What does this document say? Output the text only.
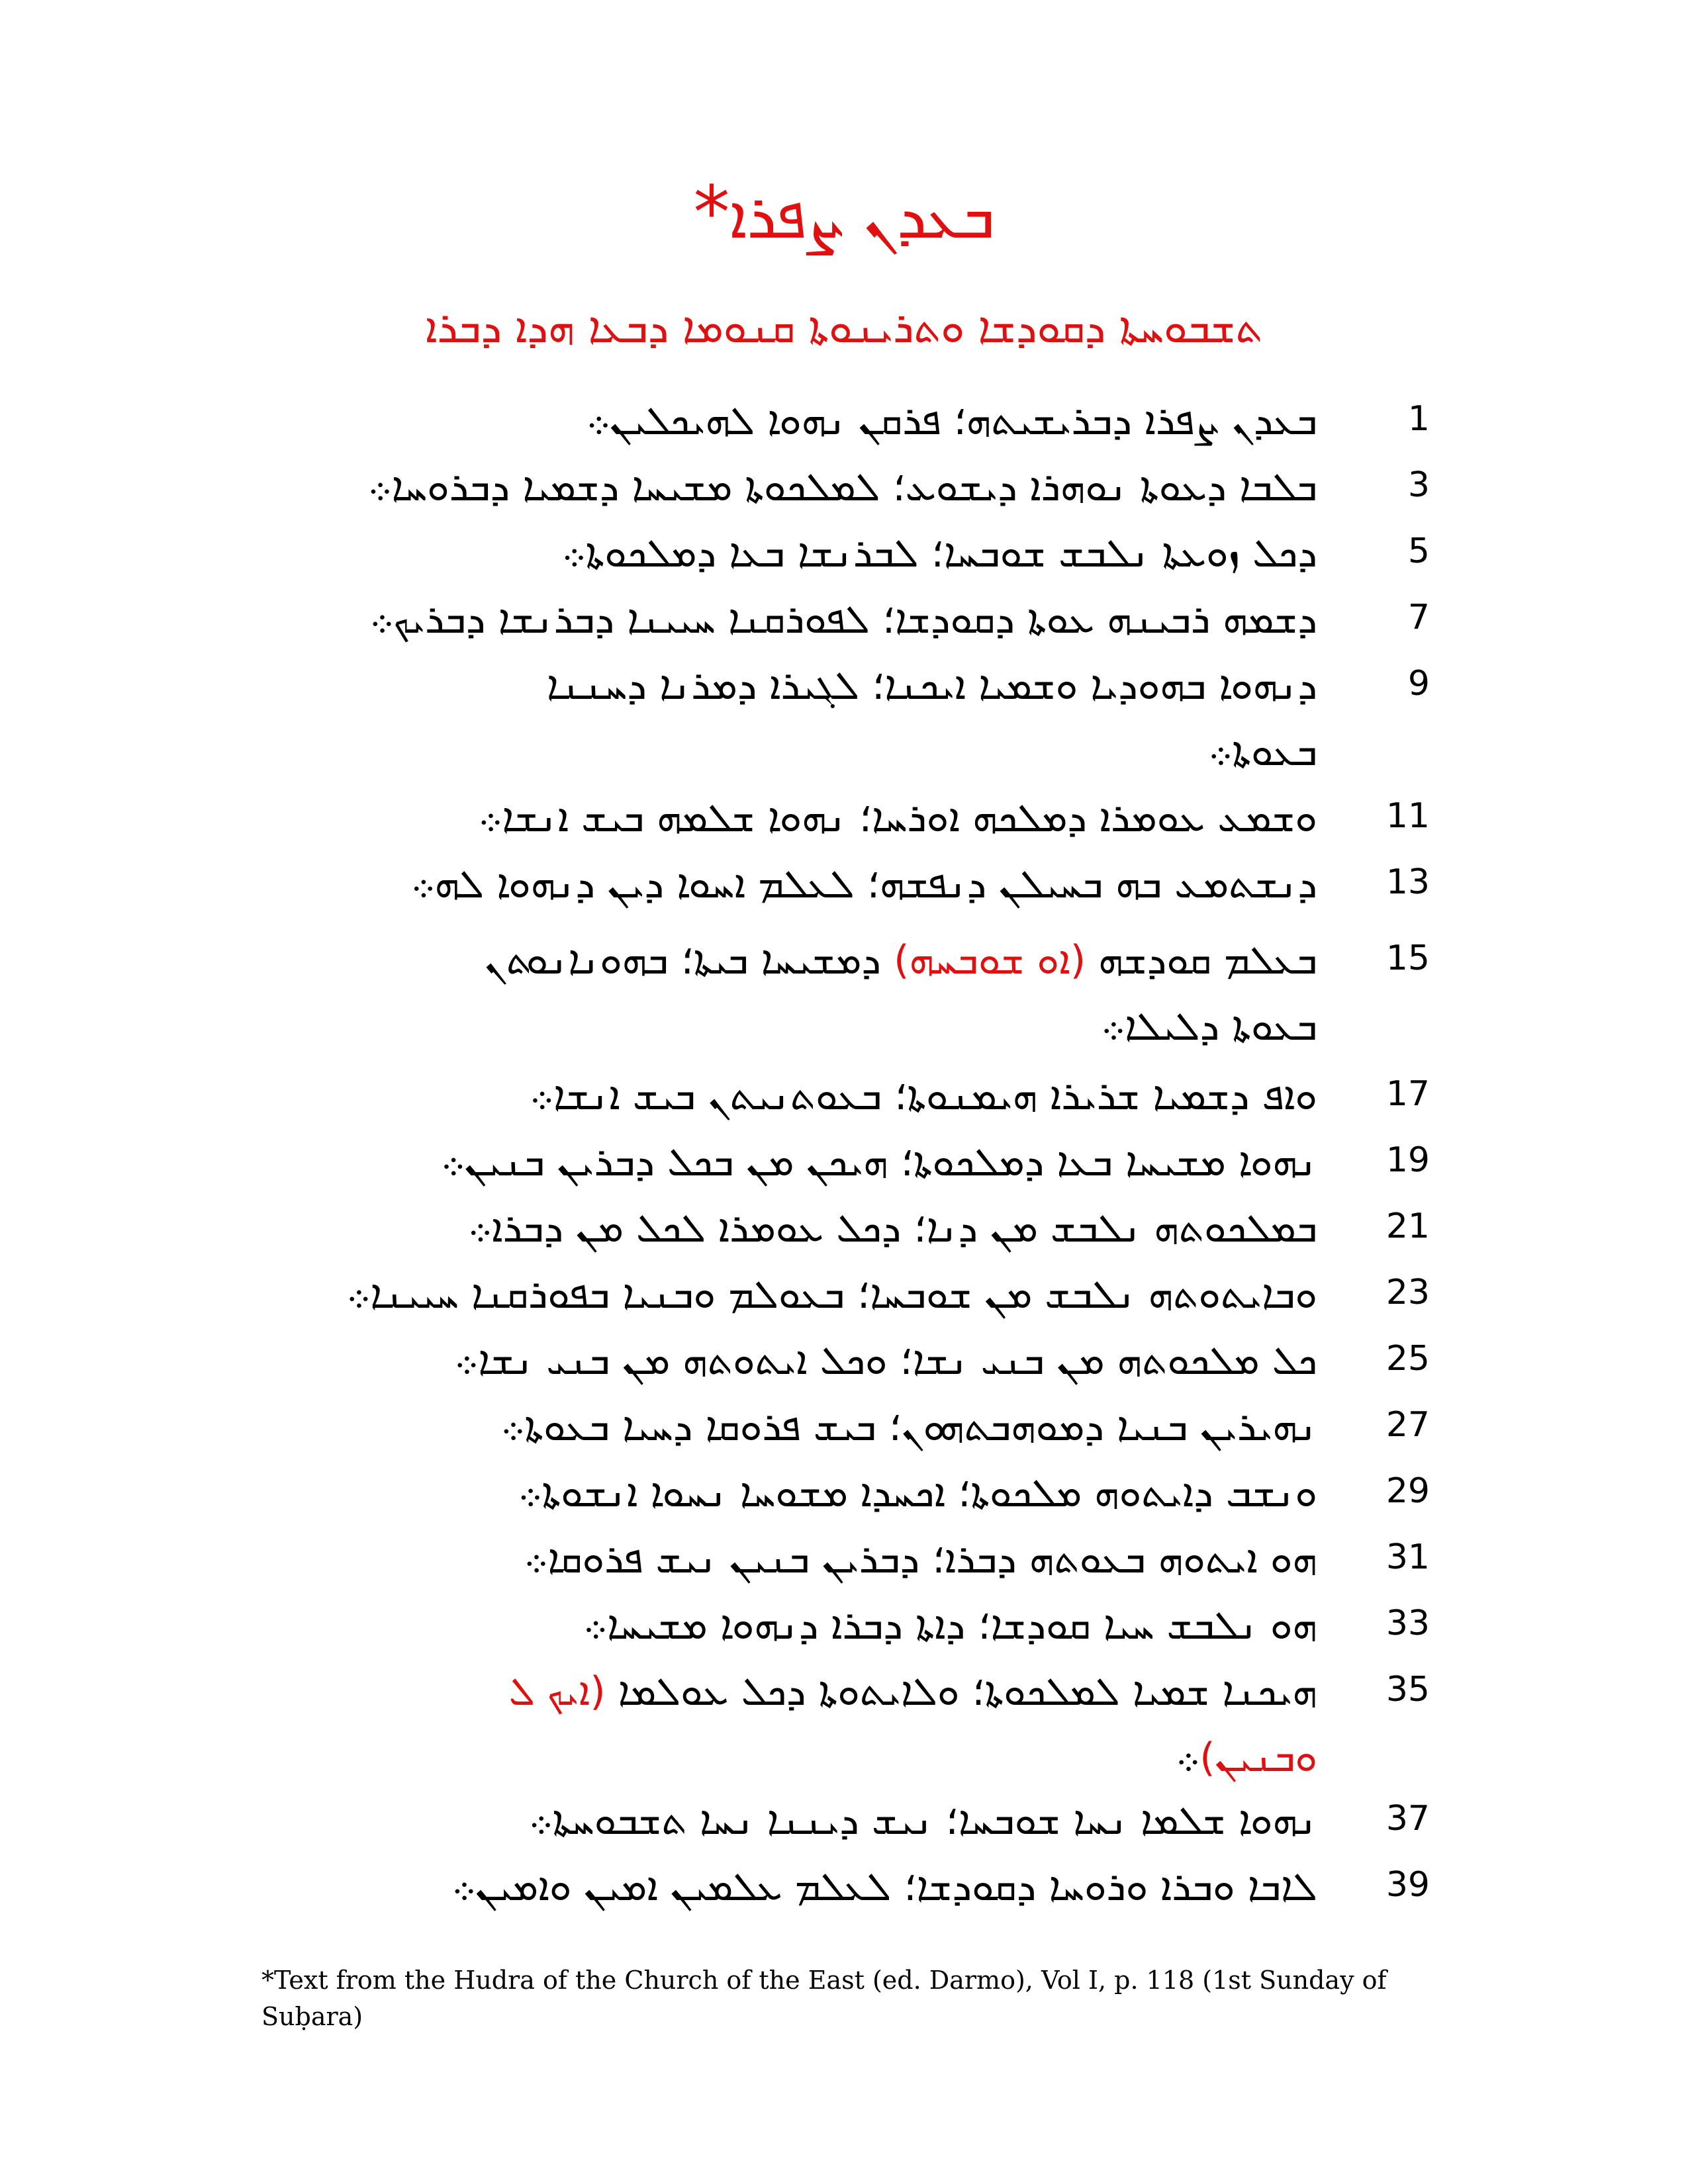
ܒܥܕܢ ܨܦܪܐ*
ܬܫܒܘܚܬܐ ܕܩܘܕܫܐ ܘܬܪܝܢܘܬܐ ܩܢܘܡܐ ܕܒܥܐ ܗܕܐ ܕܒܪܐ
1
ܒܥܕܢ ܨܦܪܐ ܕܒܪܝܫܝܬܗ؛ ܦܪܩܢ ܢܗܘܐ ܠܗܝܟܠܝܢ܀
3
ܒܠܒܐ ܕܥܘܬܐ ܢܘܗܪܐ ܕܝܫܘܥ؛ ܠܡܠܟܘܬܐ ܡܫܝܚܐ ܕܫܡܝܐ ܕܒܪܘܚܐ܀
5
ܕܟܠ ܙܘܥܬܐ ܢܠܒܫ ܫܘܒܚܐ؛ ܠܒܪܢܫܐ ܒܥܐ ܕܡܠܟܘܬܐ܀
7
ܕܫܡܗ ܪܒܝܢܗ ܥܘܬܐ ܕܩܘܕܫܐ؛ ܠܦܘܪܩܢܐ ܚܝܝܢܐ ܕܒܪܢܫܐ ܕܒܪܝܟ܀
9
ܕܢܗܘܐ ܒܗܘܕܝܐ ܘܫܡܝܐ ܐܝܟܢܐ؛ ܠܓܝܪܐ ܕܡܪܢܐ ܕܚܢܢܐ
ܒܥܘܬܐ܀
11
ܘܫܡܥ ܥܘܡܪܐ ܕܡܠܟܗ ܐܘܪܚܐ؛ ܢܗܘܐ ܫܠܡܗ ܒܝܫ ܐܢܫܐ܀
13
ܕܢܫܬܡܥ ܒܗ ܒܚܝܠܢ ܕܢܦܫܗ؛ ܠܥܠܡ ܐܚܘܐ ܕܝܢ ܕܢܗܘܐ ܠܗ܀
15
ܒܥܠܡ ܩܘܕܫܗ (ܐܘ ܫܘܒܚܗ) ܕܡܫܝܚܐ ܒܝܬܐ؛ ܒܗܘܢܐܢܘܬܢ
ܒܥܘܬܐ ܕܠܝܠܐ܀
17
ܘܐܦ ܕܫܡܝܐ ܫܪܝܪܐ ܗܝܡܢܘܬܐ؛ ܒܥܘܬܢܝܬܢ ܒܝܫ ܐܢܫܐ܀
19
ܢܗܘܐ ܡܫܝܚܐ ܒܥܐ ܕܡܠܟܘܬܐ؛ ܗܝܟܢ ܡܢ ܒܟܠ ܕܒܪܝܢ ܒܢܝܢ܀
21
ܒܡܠܟܘܬܗ ܢܠܒܫ ܡܢ ܕܢܐ؛ ܕܟܠ ܥܘܡܪܐ ܠܟܠ ܡܢ ܕܒܪܐ܀
23
ܘܒܐܝܬܘܬܗ ܢܠܒܫ ܡܢ ܫܘܒܚܐ؛ ܒܥܘܠܡ ܘܒܢܝܐ ܒܦܘܪܩܢܐ ܚܝܝܢܐ܀
25
ܟܠ ܡܠܟܘܬܗ ܡܢ ܒܢܝ ܢܫܐ؛ ܘܟܠ ܐܝܬܘܬܗ ܡܢ ܒܢܝ ܢܫܐ܀
27
ܢܗܝܪܝܢ ܒܢܝܐ ܕܡܘܗܒܬܗܘܢ؛ ܒܝܫ ܦܪܘܩܐ ܕܚܝܐ ܒܥܘܬܐ܀
29
ܘܢܫܒ ܕܐܝܬܘܗ ܡܠܟܘܬܐ؛ ܐܟܚܕܐ ܡܫܘܚܐ ܢܚܘܐ ܐܢܫܘܬܐ܀
31
ܗܘ ܐܝܬܘܗ ܒܥܘܬܗ ܕܒܪܐ؛ ܕܒܪܝܢ ܒܢܝܢ ܢܝܫ ܦܪܘܩܐ܀
33
ܗܘ ܢܠܒܫ ܚܝܐ ܩܘܕܫܐ؛ ܕܐܬܐ ܕܒܪܐ ܕܢܗܘܐ ܡܫܝܚܐ܀
35
ܗܝܟܢܐ ܫܡܝܐ ܠܡܠܟܘܬܐ؛ ܘܠܐܝܬܘܬܐ ܕܟܠ ܥܘܠܡܐ (ܐܝܟ ܠ
ܘܒܢܝܢ)܀
37
ܢܗܘܐ ܫܠܡܐ ܢܚܐ ܫܘܒܚܐ؛ ܢܝܫ ܕܝܢܢܐ ܢܚܐ ܬܫܒܘܚܬܐ܀
39
ܠܐܒܐ ܘܒܪܐ ܘܪܘܚܐ ܕܩܘܕܫܐ؛ ܠܥܠܡ ܥܠܡܝܢ ܐܡܝܢ ܘܐܡܝܢ܀
*Text from the Hudra of the Church of the East (ed. Darmo), Vol I, p. 118 (1st Sunday of Suḅara)
